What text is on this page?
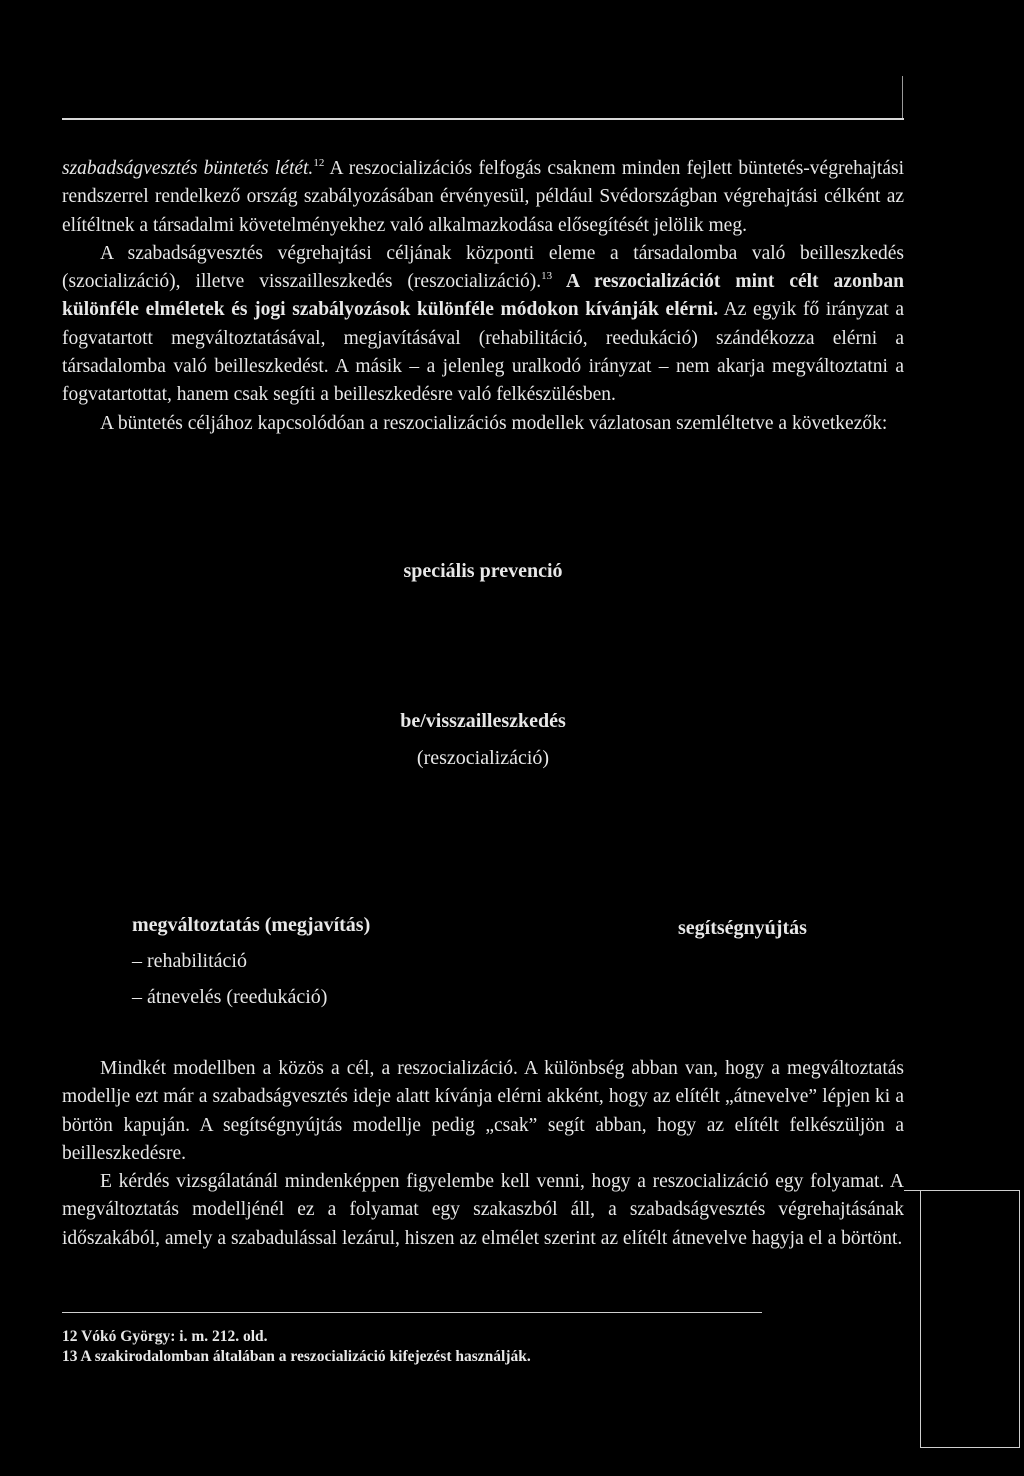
szabadságvesztés büntetés létét.$^{12}$ A reszocializációs felfogás csaknem minden fejlett büntetés-végrehajtási rendszerrel rendelkező ország szabályozásában érvényesül, például Svédországban végrehajtási célként az elítéltnek a társadalmi követelményekhez való alkalmazkodása elősegítését jelölik meg.

A szabadságvesztés végrehajtási céljának központi eleme a társadalomba való beilleszkedés (szocializáció), illetve visszailleszkedés (reszocializáció).$^{13}$ A reszocializációt mint célt azonban különféle elméletek és jogi szabályozások különféle módokon kívánják elérni. Az egyik fő irányzat a fogvatartott megváltoztatásával, megjavításával (rehabilitáció, reedukáció) szándékozza elérni a társadalomba való beilleszkedést. A másik – a jelenleg uralkodó irányzat – nem akarja megváltoztatni a fogvatartottat, hanem csak segíti a beilleszkedésre való felkészülésben.

A büntetés céljához kapcsolódóan a reszocializációs modellek vázlatosan szemléltetve a következők:

speciális prevenció
be/visszailleszkedés
(reszocializáció)
megváltoztatás (megjavítás)
– rehabilitáció
– átnevelés (reedukáció)
segítségnyújtás

Mindkét modellben a közös a cél, a reszocializáció. A különbség abban van, hogy a megváltoztatás modellje ezt már a szabadságvesztés ideje alatt kívánja elérni akként, hogy az elítélt „átnevelve” lépjen ki a börtön kapuján. A segítségnyújtás modellje pedig „csak” segít abban, hogy az elítélt felkészüljön a beilleszkedésre.

E kérdés vizsgálatánál mindenképpen figyelembe kell venni, hogy a reszocializáció egy folyamat. A megváltoztatás modelljénél ez a folyamat egy szakaszból áll, a szabadságvesztés végrehajtásának időszakából, amely a szabadulással lezárul, hiszen az elmélet szerint az elítélt átnevelve hagyja el a börtönt.

12 Vókó György: i. m. 212. old.
13 A szakirodalomban általában a reszocializáció kifejezést használják.
